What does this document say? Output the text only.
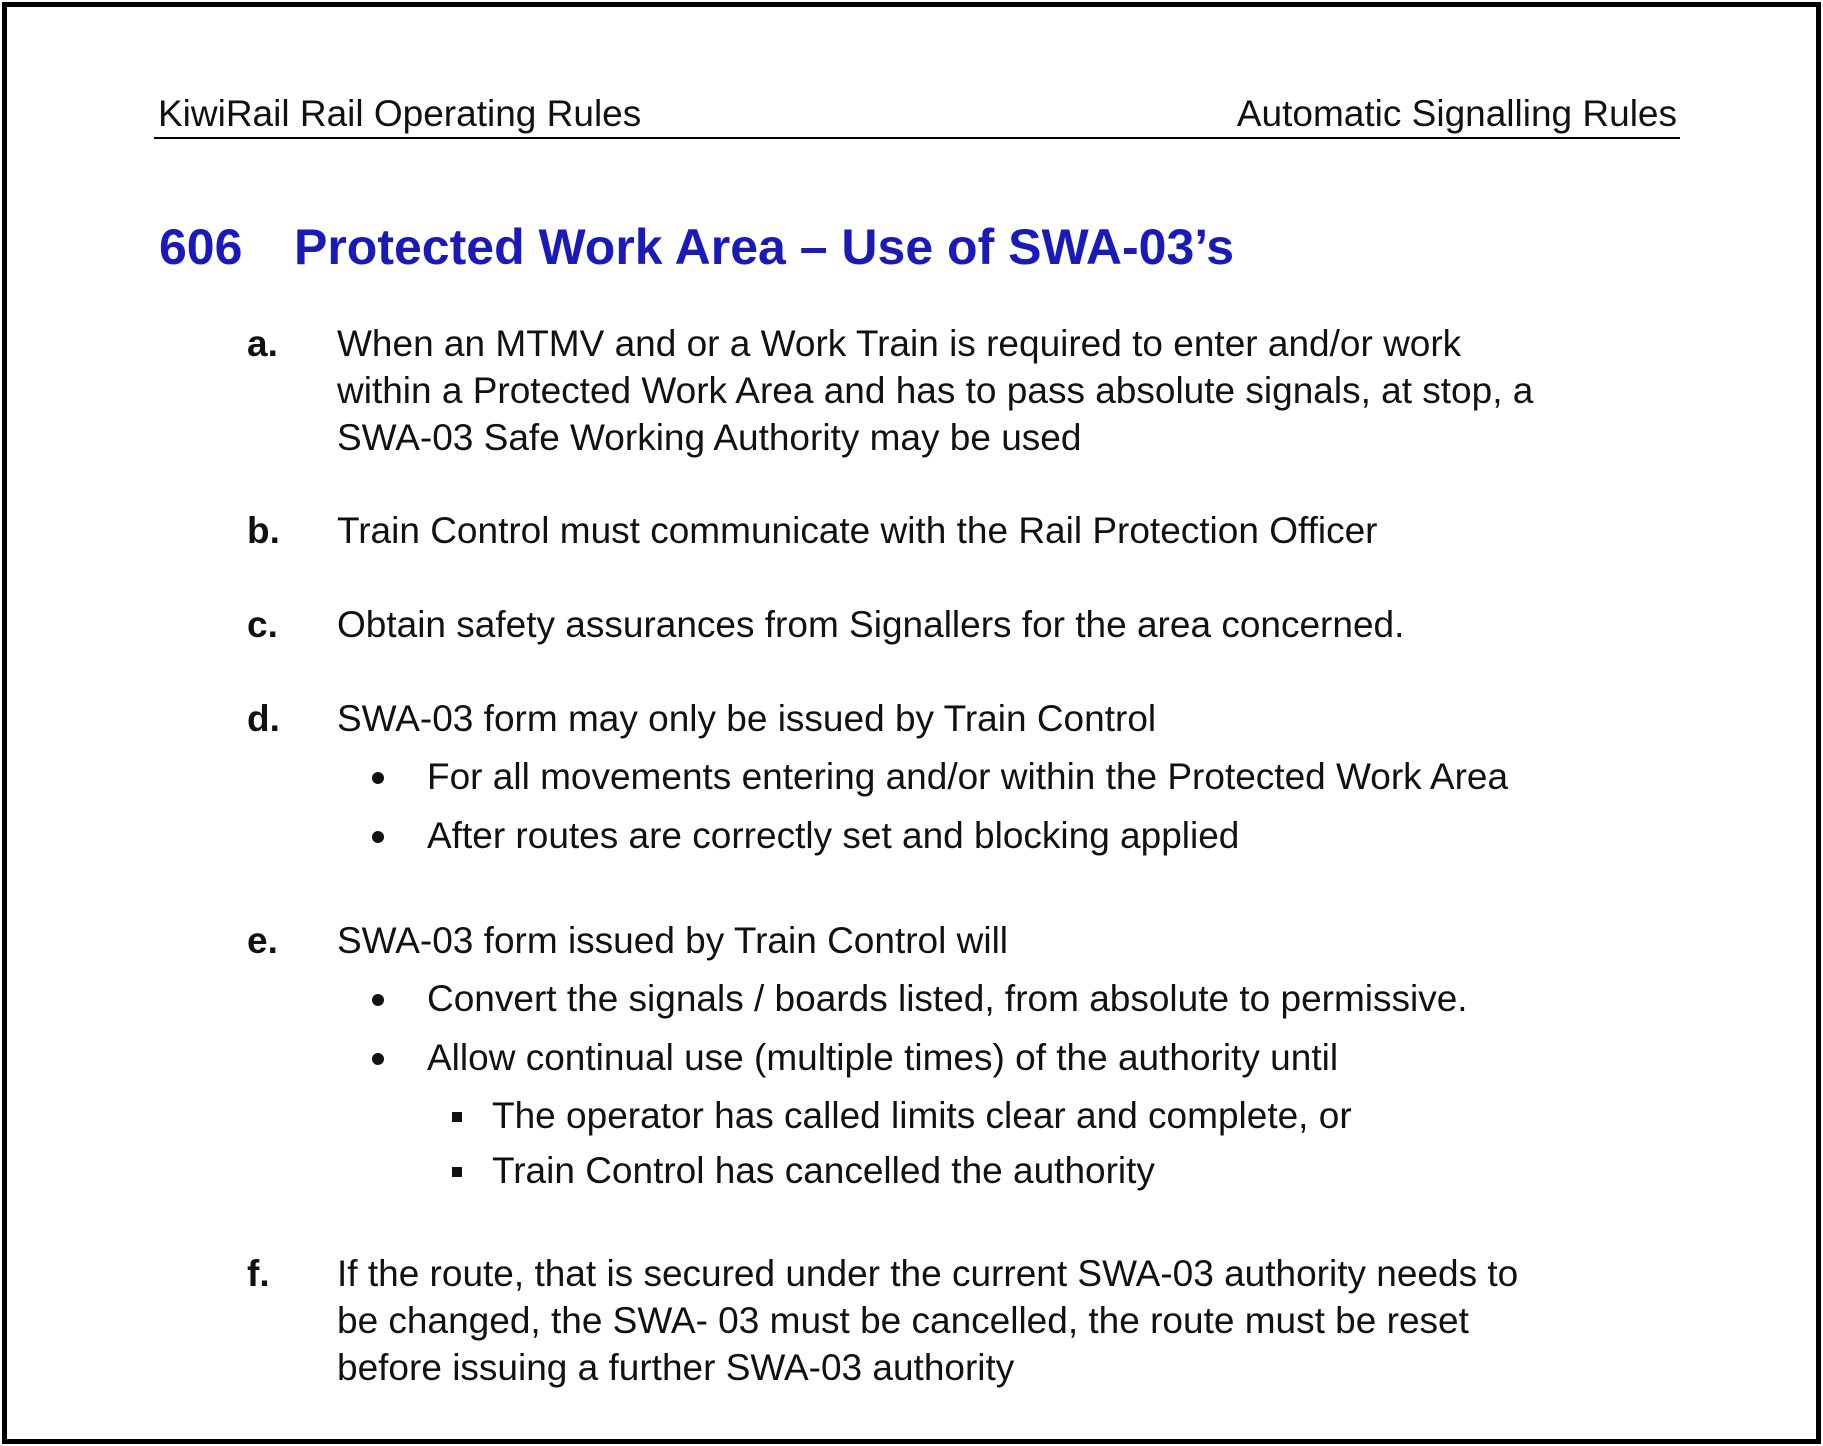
KiwiRail Rail Operating Rules	Automatic Signalling Rules
606 Protected Work Area – Use of SWA-03’s
a. When an MTMV and or a Work Train is required to enter and/or work
within a Protected Work Area and has to pass absolute signals, at stop, a
SWA-03 Safe Working Authority may be used
b. Train Control must communicate with the Rail Protection Officer
c. Obtain safety assurances from Signallers for the area concerned.
d. SWA-03 form may only be issued by Train Control
For all movements entering and/or within the Protected Work Area
After routes are correctly set and blocking applied
e. SWA-03 form issued by Train Control will
Convert the signals / boards listed, from absolute to permissive.
Allow continual use (multiple times) of the authority until
The operator has called limits clear and complete, or
Train Control has cancelled the authority
f. If the route, that is secured under the current SWA-03 authority needs to
be changed, the SWA- 03 must be cancelled, the route must be reset
before issuing a further SWA-03 authority
